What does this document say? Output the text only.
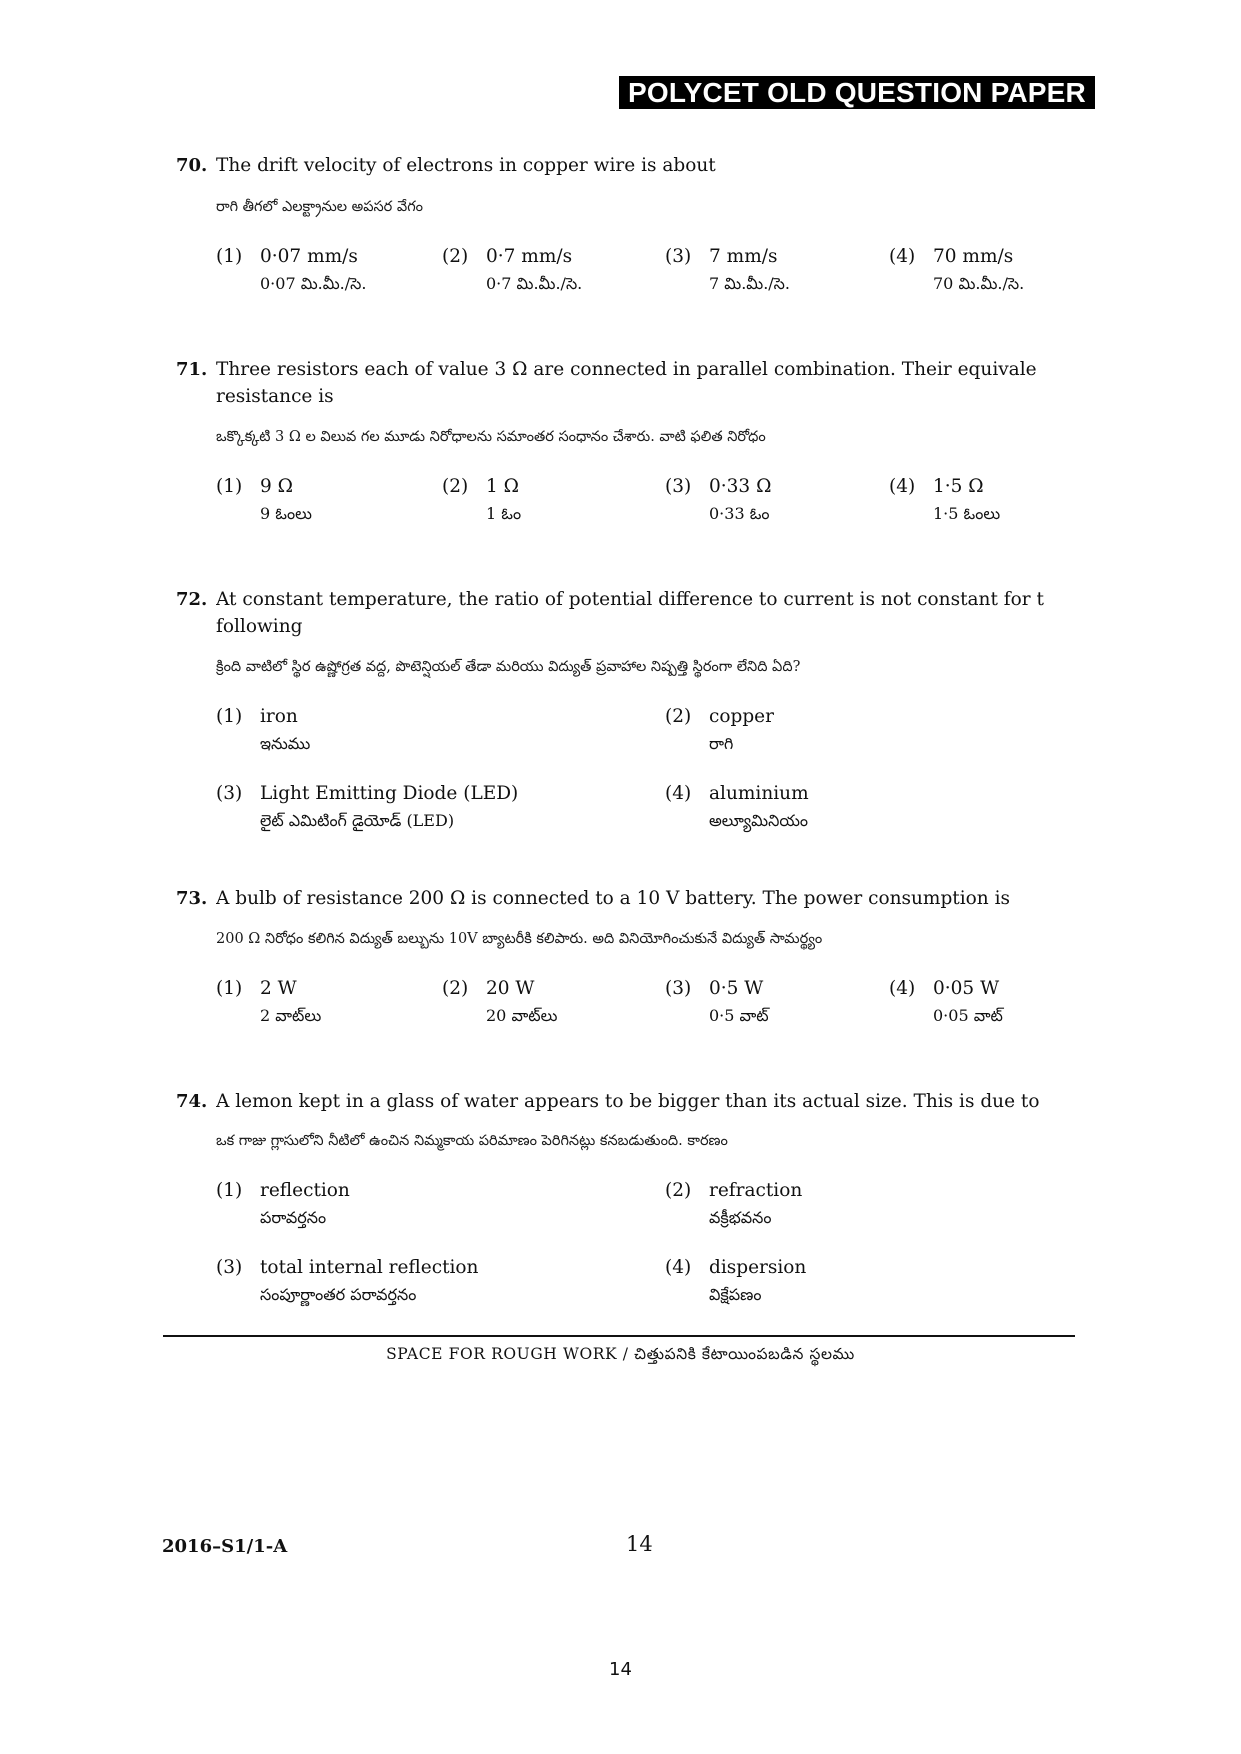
POLYCET OLD QUESTION PAPER
70. The drift velocity of electrons in copper wire is about
రాగి తీగలో ఎలక్ట్రానుల అపసర వేగం
(1) 0·07 mm/s
0·07 మి.మీ./సె.
(2) 0·7 mm/s
0·7 మి.మీ./సె.
(3) 7 mm/s
7 మి.మీ./సె.
(4) 70 mm/s
70 మి.మీ./సె.
71. Three resistors each of value 3 Ω are connected in parallel combination. Their equivale resistance is
ఒక్కొక్కటి 3 Ω ల విలువ గల మూడు నిరోధాలను సమాంతర సంధానం చేశారు. వాటి ఫలిత నిరోధం
(1) 9 Ω
9 ఓంలు
(2) 1 Ω
1 ఓం
(3) 0·33 Ω
0·33 ఓం
(4) 1·5 Ω
1·5 ఓంలు
72. At constant temperature, the ratio of potential difference to current is not constant for t following
క్రింది వాటిలో స్థిర ఉష్ణోగ్రత వద్ద, పొటెన్షియల్ తేడా మరియు విద్యుత్ ప్రవాహాల నిష్పత్తి స్థిరంగా లేనిది ఏది?
(1) iron
ఇనుము
(2) copper
రాగి
(3) Light Emitting Diode (LED)
లైట్ ఎమిటింగ్ డైయోడ్ (LED)
(4) aluminium
అల్యూమినియం
73. A bulb of resistance 200 Ω is connected to a 10 V battery. The power consumption is
200 Ω నిరోధం కలిగిన విద్యుత్ బల్బును 10V బ్యాటరీకి కలిపారు. అది వినియోగించుకునే విద్యుత్ సామర్థ్యం
(1) 2 W
2 వాట్‌లు
(2) 20 W
20 వాట్‌లు
(3) 0·5 W
0·5 వాట్
(4) 0·05 W
0·05 వాట్
74. A lemon kept in a glass of water appears to be bigger than its actual size. This is due to
ఒక గాజు గ్లాసులోని నీటిలో ఉంచిన నిమ్మకాయ పరిమాణం పెరిగినట్లు కనబడుతుంది. కారణం
(1) reflection
పరావర్తనం
(2) refraction
వక్రీభవనం
(3) total internal reflection
సంపూర్ణాంతర పరావర్తనం
(4) dispersion
విక్షేపణం
SPACE FOR ROUGH WORK / చిత్తుపనికి కేటాయింపబడిన స్థలము
2016–S1/1-A	14
14
